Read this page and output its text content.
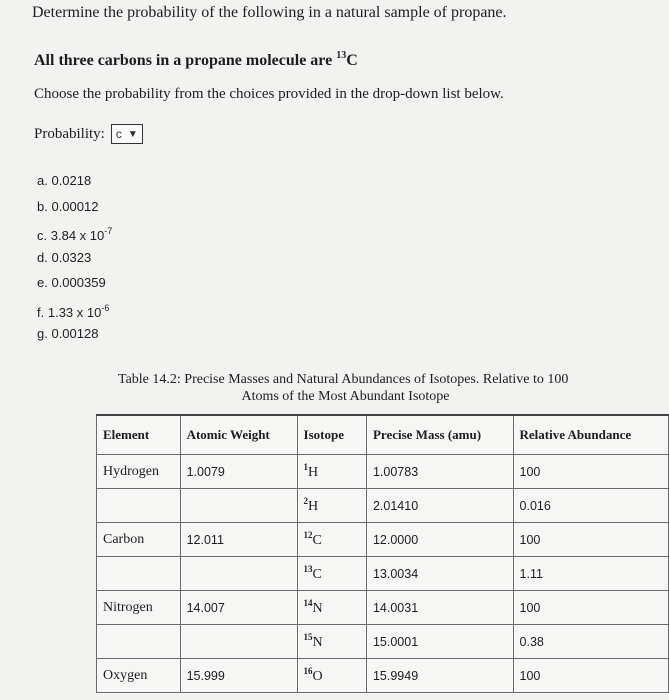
Determine the probability of the following in a natural sample of propane.
All three carbons in a propane molecule are $^{13}$C
Choose the probability from the choices provided in the drop-down list below.
Probability: c ▼
a. 0.0218
b. 0.00012
c. 3.84 x $10^{-7}$
d. 0.0323
e. 0.000359
f. 1.33 x $10^{-6}$
g. 0.00128
Table 14.2: Precise Masses and Natural Abundances of Isotopes. Relative to 100
Atoms of the Most Abundant Isotope
Element	Atomic Weight	Isotope	Precise Mass (amu)	Relative Abundance
Hydrogen	1.0079	$^1$H	1.00783	100
		$^2$H	2.01410	0.016
Carbon	12.011	$^{12}$C	12.0000	100
		$^{13}$C	13.0034	1.11
Nitrogen	14.007	$^{14}$N	14.0031	100
		$^{15}$N	15.0001	0.38
Oxygen	15.999	$^{16}$O	15.9949	100
